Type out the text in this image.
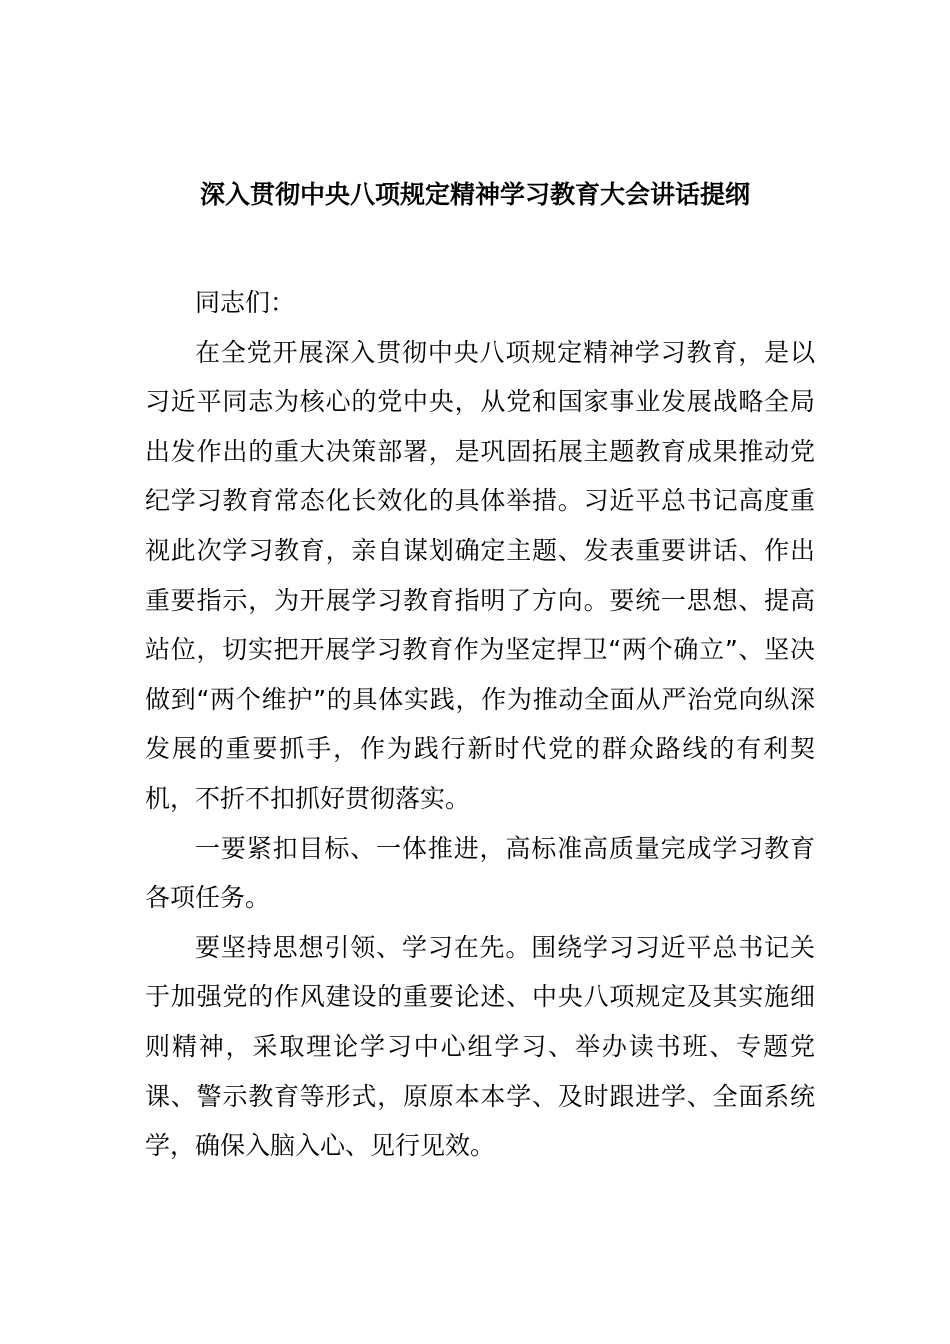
深入贯彻中央八项规定精神学习教育大会讲话提纲

同志们：

在全党开展深入贯彻中央八项规定精神学习教育，是以习近平同志为核心的党中央，从党和国家事业发展战略全局出发作出的重大决策部署，是巩固拓展主题教育成果推动党纪学习教育常态化长效化的具体举措。习近平总书记高度重视此次学习教育，亲自谋划确定主题、发表重要讲话、作出重要指示，为开展学习教育指明了方向。要统一思想、提高站位，切实把开展学习教育作为坚定捍卫“两个确立”、坚决做到“两个维护”的具体实践，作为推动全面从严治党向纵深发展的重要抓手，作为践行新时代党的群众路线的有利契机，不折不扣抓好贯彻落实。

一要紧扣目标、一体推进，高标准高质量完成学习教育各项任务。

要坚持思想引领、学习在先。围绕学习习近平总书记关于加强党的作风建设的重要论述、中央八项规定及其实施细则精神，采取理论学习中心组学习、举办读书班、专题党课、警示教育等形式，原原本本学、及时跟进学、全面系统学，确保入脑入心、见行见效。
